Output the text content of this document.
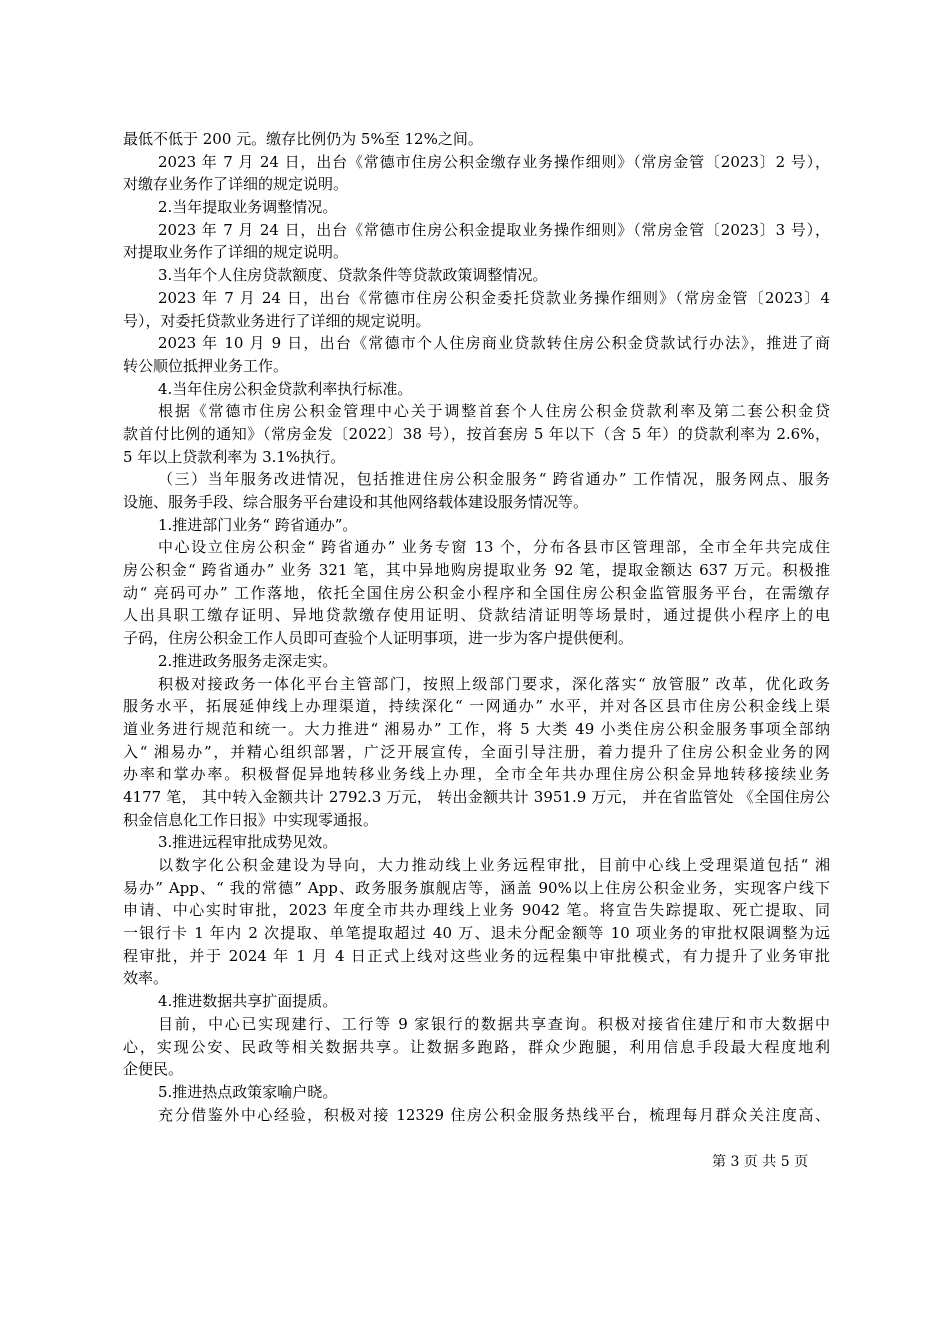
最低不低于 200 元。缴存比例仍为 5%至 12%之间。
2023 年 7 月 24 日，出台《常德市住房公积金缴存业务操作细则》（常房金管〔2023〕2 号），
对缴存业务作了详细的规定说明。
2.当年提取业务调整情况。
2023 年 7 月 24 日，出台《常德市住房公积金提取业务操作细则》（常房金管〔2023〕3 号），
对提取业务作了详细的规定说明。
3.当年个人住房贷款额度、贷款条件等贷款政策调整情况。
2023 年 7 月 24 日，出台《常德市住房公积金委托贷款业务操作细则》（常房金管〔2023〕4
号），对委托贷款业务进行了详细的规定说明。
2023 年 10 月 9 日，出台《常德市个人住房商业贷款转住房公积金贷款试行办法》，推进了商
转公顺位抵押业务工作。
4.当年住房公积金贷款利率执行标准。
根据《常德市住房公积金管理中心关于调整首套个人住房公积金贷款利率及第二套公积金贷
款首付比例的通知》（常房金发〔2022〕38 号），按首套房 5 年以下（含 5 年）的贷款利率为 2.6%，
5 年以上贷款利率为 3.1%执行。
（三）当年服务改进情况，包括推进住房公积金服务“ 跨省通办” 工作情况，服务网点、服务
设施、服务手段、综合服务平台建设和其他网络载体建设服务情况等。
1.推进部门业务“ 跨省通办”。
中心设立住房公积金“ 跨省通办” 业务专窗 13 个，分布各县市区管理部，全市全年共完成住
房公积金“ 跨省通办” 业务 321 笔，其中异地购房提取业务 92 笔，提取金额达 637 万元。积极推
动“ 亮码可办” 工作落地，依托全国住房公积金小程序和全国住房公积金监管服务平台，在需缴存
人出具职工缴存证明、异地贷款缴存使用证明、贷款结清证明等场景时，通过提供小程序上的电
子码，住房公积金工作人员即可查验个人证明事项，进一步为客户提供便利。
2.推进政务服务走深走实。
积极对接政务一体化平台主管部门，按照上级部门要求，深化落实“ 放管服” 改革，优化政务
服务水平，拓展延伸线上办理渠道，持续深化“ 一网通办” 水平，并对各区县市住房公积金线上渠
道业务进行规范和统一。大力推进“ 湘易办” 工作，将 5 大类 49 小类住房公积金服务事项全部纳
入“ 湘易办”，并精心组织部署，广泛开展宣传，全面引导注册，着力提升了住房公积金业务的网
办率和掌办率。积极督促异地转移业务线上办理，全市全年共办理住房公积金异地转移接续业务
4177 笔， 其中转入金额共计 2792.3 万元， 转出金额共计 3951.9 万元， 并在省监管处 《全国住房公
积金信息化工作日报》中实现零通报。
3.推进远程审批成势见效。
以数字化公积金建设为导向，大力推动线上业务远程审批，目前中心线上受理渠道包括“ 湘
易办” App、“ 我的常德” App、政务服务旗舰店等，涵盖 90%以上住房公积金业务，实现客户线下
申请、中心实时审批，2023 年度全市共办理线上业务 9042 笔。将宣告失踪提取、死亡提取、同
一银行卡 1 年内 2 次提取、单笔提取超过 40 万、退未分配金额等 10 项业务的审批权限调整为远
程审批，并于 2024 年 1 月 4 日正式上线对这些业务的远程集中审批模式，有力提升了业务审批
效率。
4.推进数据共享扩面提质。
目前，中心已实现建行、工行等 9 家银行的数据共享查询。积极对接省住建厅和市大数据中
心，实现公安、民政等相关数据共享。让数据多跑路，群众少跑腿，利用信息手段最大程度地利
企便民。
5.推进热点政策家喻户晓。
充分借鉴外中心经验，积极对接 12329 住房公积金服务热线平台，梳理每月群众关注度高、
第 3 页 共 5 页
